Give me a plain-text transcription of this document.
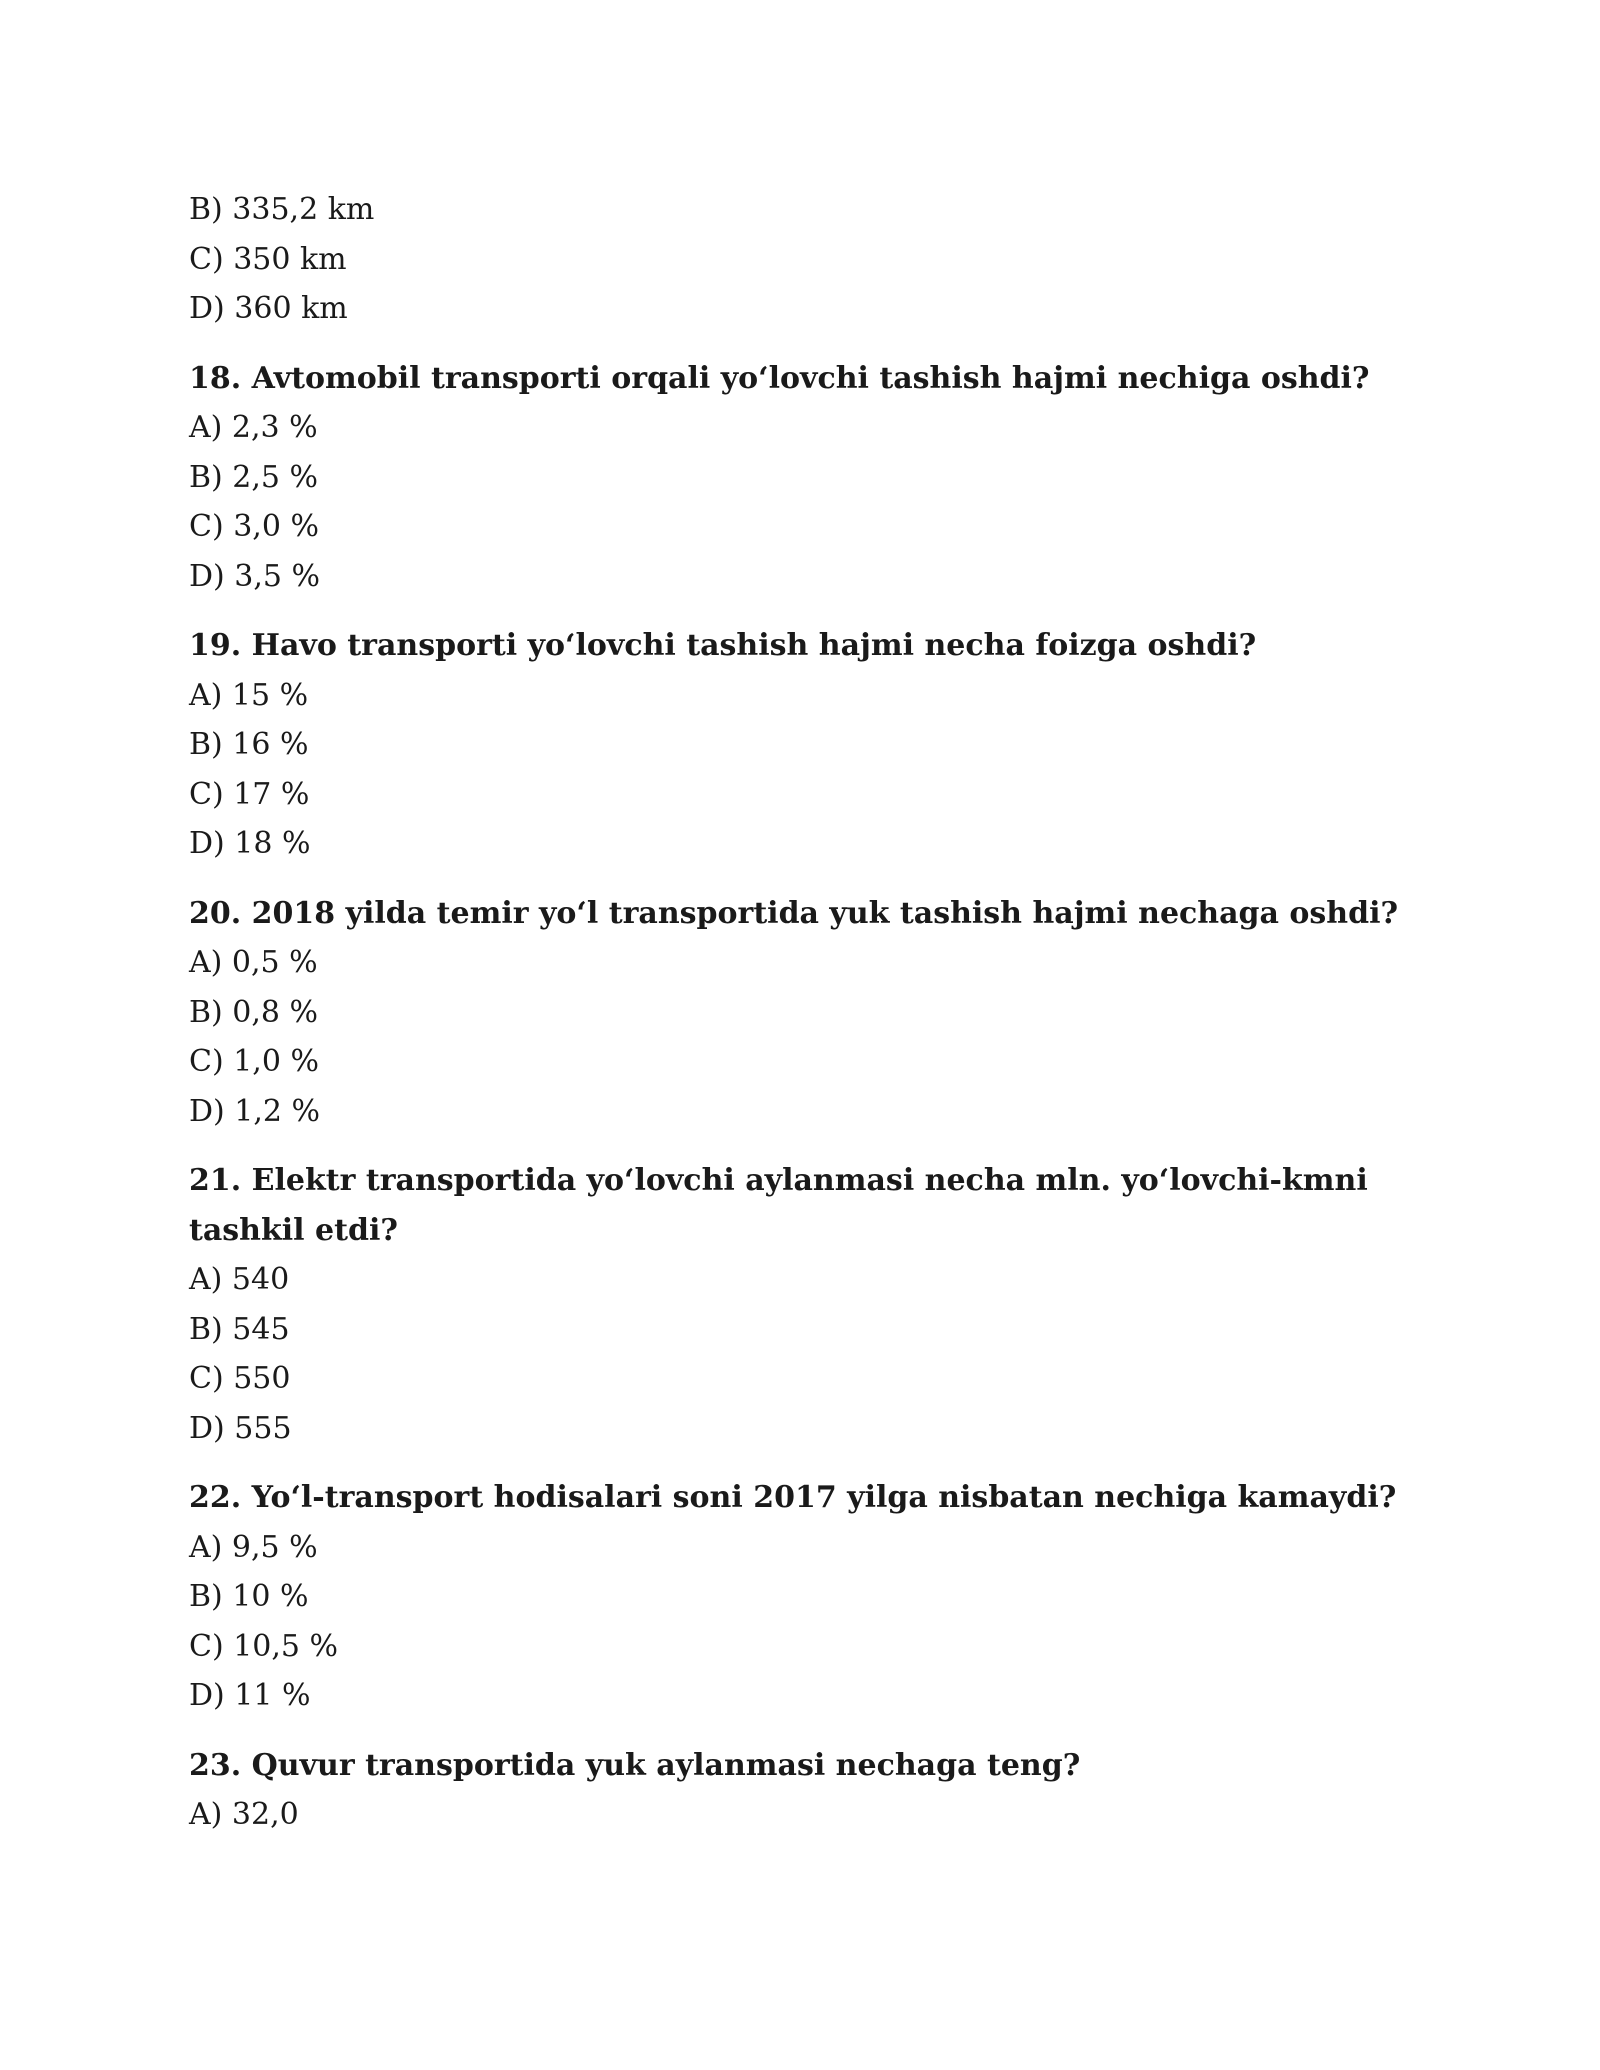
B) 335,2 km
C) 350 km
D) 360 km
18. Avtomobil transporti orqali yo‘lovchi tashish hajmi nechiga oshdi?
A) 2,3 %
B) 2,5 %
C) 3,0 %
D) 3,5 %
19. Havo transporti yo‘lovchi tashish hajmi necha foizga oshdi?
A) 15 %
B) 16 %
C) 17 %
D) 18 %
20. 2018 yilda temir yo‘l transportida yuk tashish hajmi nechaga oshdi?
A) 0,5 %
B) 0,8 %
C) 1,0 %
D) 1,2 %
21. Elektr transportida yo‘lovchi aylanmasi necha mln. yo‘lovchi-kmni tashkil etdi?
A) 540
B) 545
C) 550
D) 555
22. Yo‘l-transport hodisalari soni 2017 yilga nisbatan nechiga kamaydi?
A) 9,5 %
B) 10 %
C) 10,5 %
D) 11 %
23. Quvur transportida yuk aylanmasi nechaga teng?
A) 32,0
